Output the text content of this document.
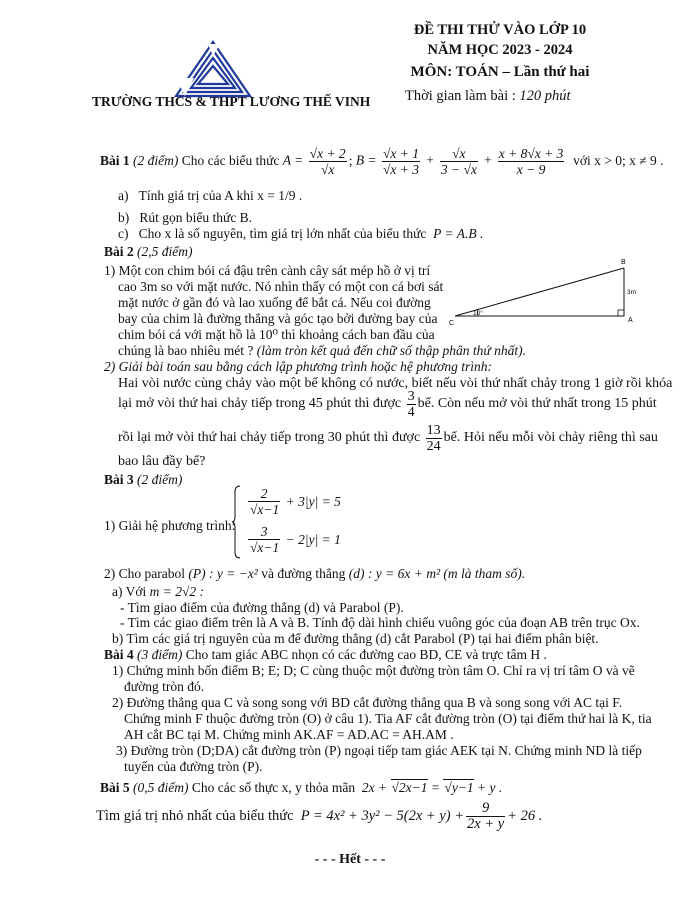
TRƯỜNG THCS & THPT LƯƠNG THẾ VINH
ĐỀ THI THỬ VÀO LỚP 10
NĂM HỌC 2023 - 2024
MÔN: TOÁN – Lần thứ hai
Thời gian làm bài : 120 phút
Bài 1
(2 điểm)
Cho các biểu thức
$A = \frac{√x + 2}{√x}$ ; $B = \frac{√x + 1}{√x + 3} + \frac{√x}{3 - √x} + \frac{x + 8√x + 3}{x - 9}$
với x > 0; x ≠ 9 .
a)
Tính giá trị của A khi
x = 1/9 .
b) Rút gọn biểu thức B.
c) Cho x là số nguyên, tìm giá trị lớn nhất của biểu thức P = A.B .
Bài 2 (2,5 điểm)
1) Một con chim bói cá đậu trên cành cây sát mép hồ ở vị trí
cao 3m so với mặt nước. Nó nhìn thấy có một con cá bơi sát
mặt nước ở gần đó và lao xuống để bắt cá. Nếu coi đường
bay của chim là đường thẳng và góc tạo bởi đường bay của
chim bói cá với mặt hồ là 10⁰ thì khoảng cách ban đầu của
chúng là bao nhiêu mét ? (làm tròn kết quả đến chữ số thập phân thứ nhất).
B
A
C
3m
10°
2) Giải bài toán sau bằng cách lập phương trình hoặc hệ phương trình:
Hai vòi nước cùng chảy vào một bể không có nước, biết nếu vòi thứ nhất chảy trong 1 giờ rồi khóa
lại mở vòi thứ hai chảy tiếp trong 45 phút thì được
$\frac{3}{4}$ bể. Còn nếu mở vòi thứ nhất trong 15 phút
rồi lại mở vòi thứ hai chảy tiếp trong 30 phút thì được
$\frac{13}{24}$ bể. Hỏi nếu mỗi vòi chảy riêng thì sau
bao lâu đầy bể?
Bài 3 (2 điểm)
1) Giải hệ phương trình:
$\frac{2}{√x-1} + 3|y| = 5$
$\frac{3}{√x-1} - 2|y| = 1$
2) Cho parabol (P) : y = −x² và đường thẳng (d) : y = 6x + m² (m là tham số).
a) Với m = 2√2 :
- Tìm giao điểm của đường thẳng (d) và Parabol (P).
- Tìm các giao điểm trên là A và B. Tính độ dài hình chiếu vuông góc của đoạn AB trên trục Ox.
b) Tìm các giá trị nguyên của m để đường thẳng (d) cắt Parabol (P) tại hai điểm phân biệt.
Bài 4 (3 điểm) Cho tam giác ABC nhọn có các đường cao BD, CE và trực tâm H .
1) Chứng minh bốn điểm B; E; D; C cùng thuộc một đường tròn tâm O. Chỉ ra vị trí tâm O và vẽ
đường tròn đó.
2) Đường thẳng qua C và song song với BD cắt đường thẳng qua B và song song với AC tại F.
Chứng minh F thuộc đường tròn (O) ở câu 1). Tia AF cắt đường tròn (O) tại điểm thứ hai là K, tia
AH cắt BC tại M. Chứng minh AK.AF = AD.AC = AH.AM .
3) Đường tròn (D;DA) cắt đường tròn (P) ngoại tiếp tam giác AEK tại N. Chứng minh ND là tiếp
tuyến của đường tròn (P).
Bài 5 (0,5 điểm) Cho các số thực x, y thỏa mãn 2x + √2x−1 = √y−1 + y .
Tìm giá trị nhỏ nhất của biểu thức
$P = 4x^2 + 3y^2 - 5(2x + y) + \frac{9}{2x + y} + 26$ .
- - - Hết - - -
